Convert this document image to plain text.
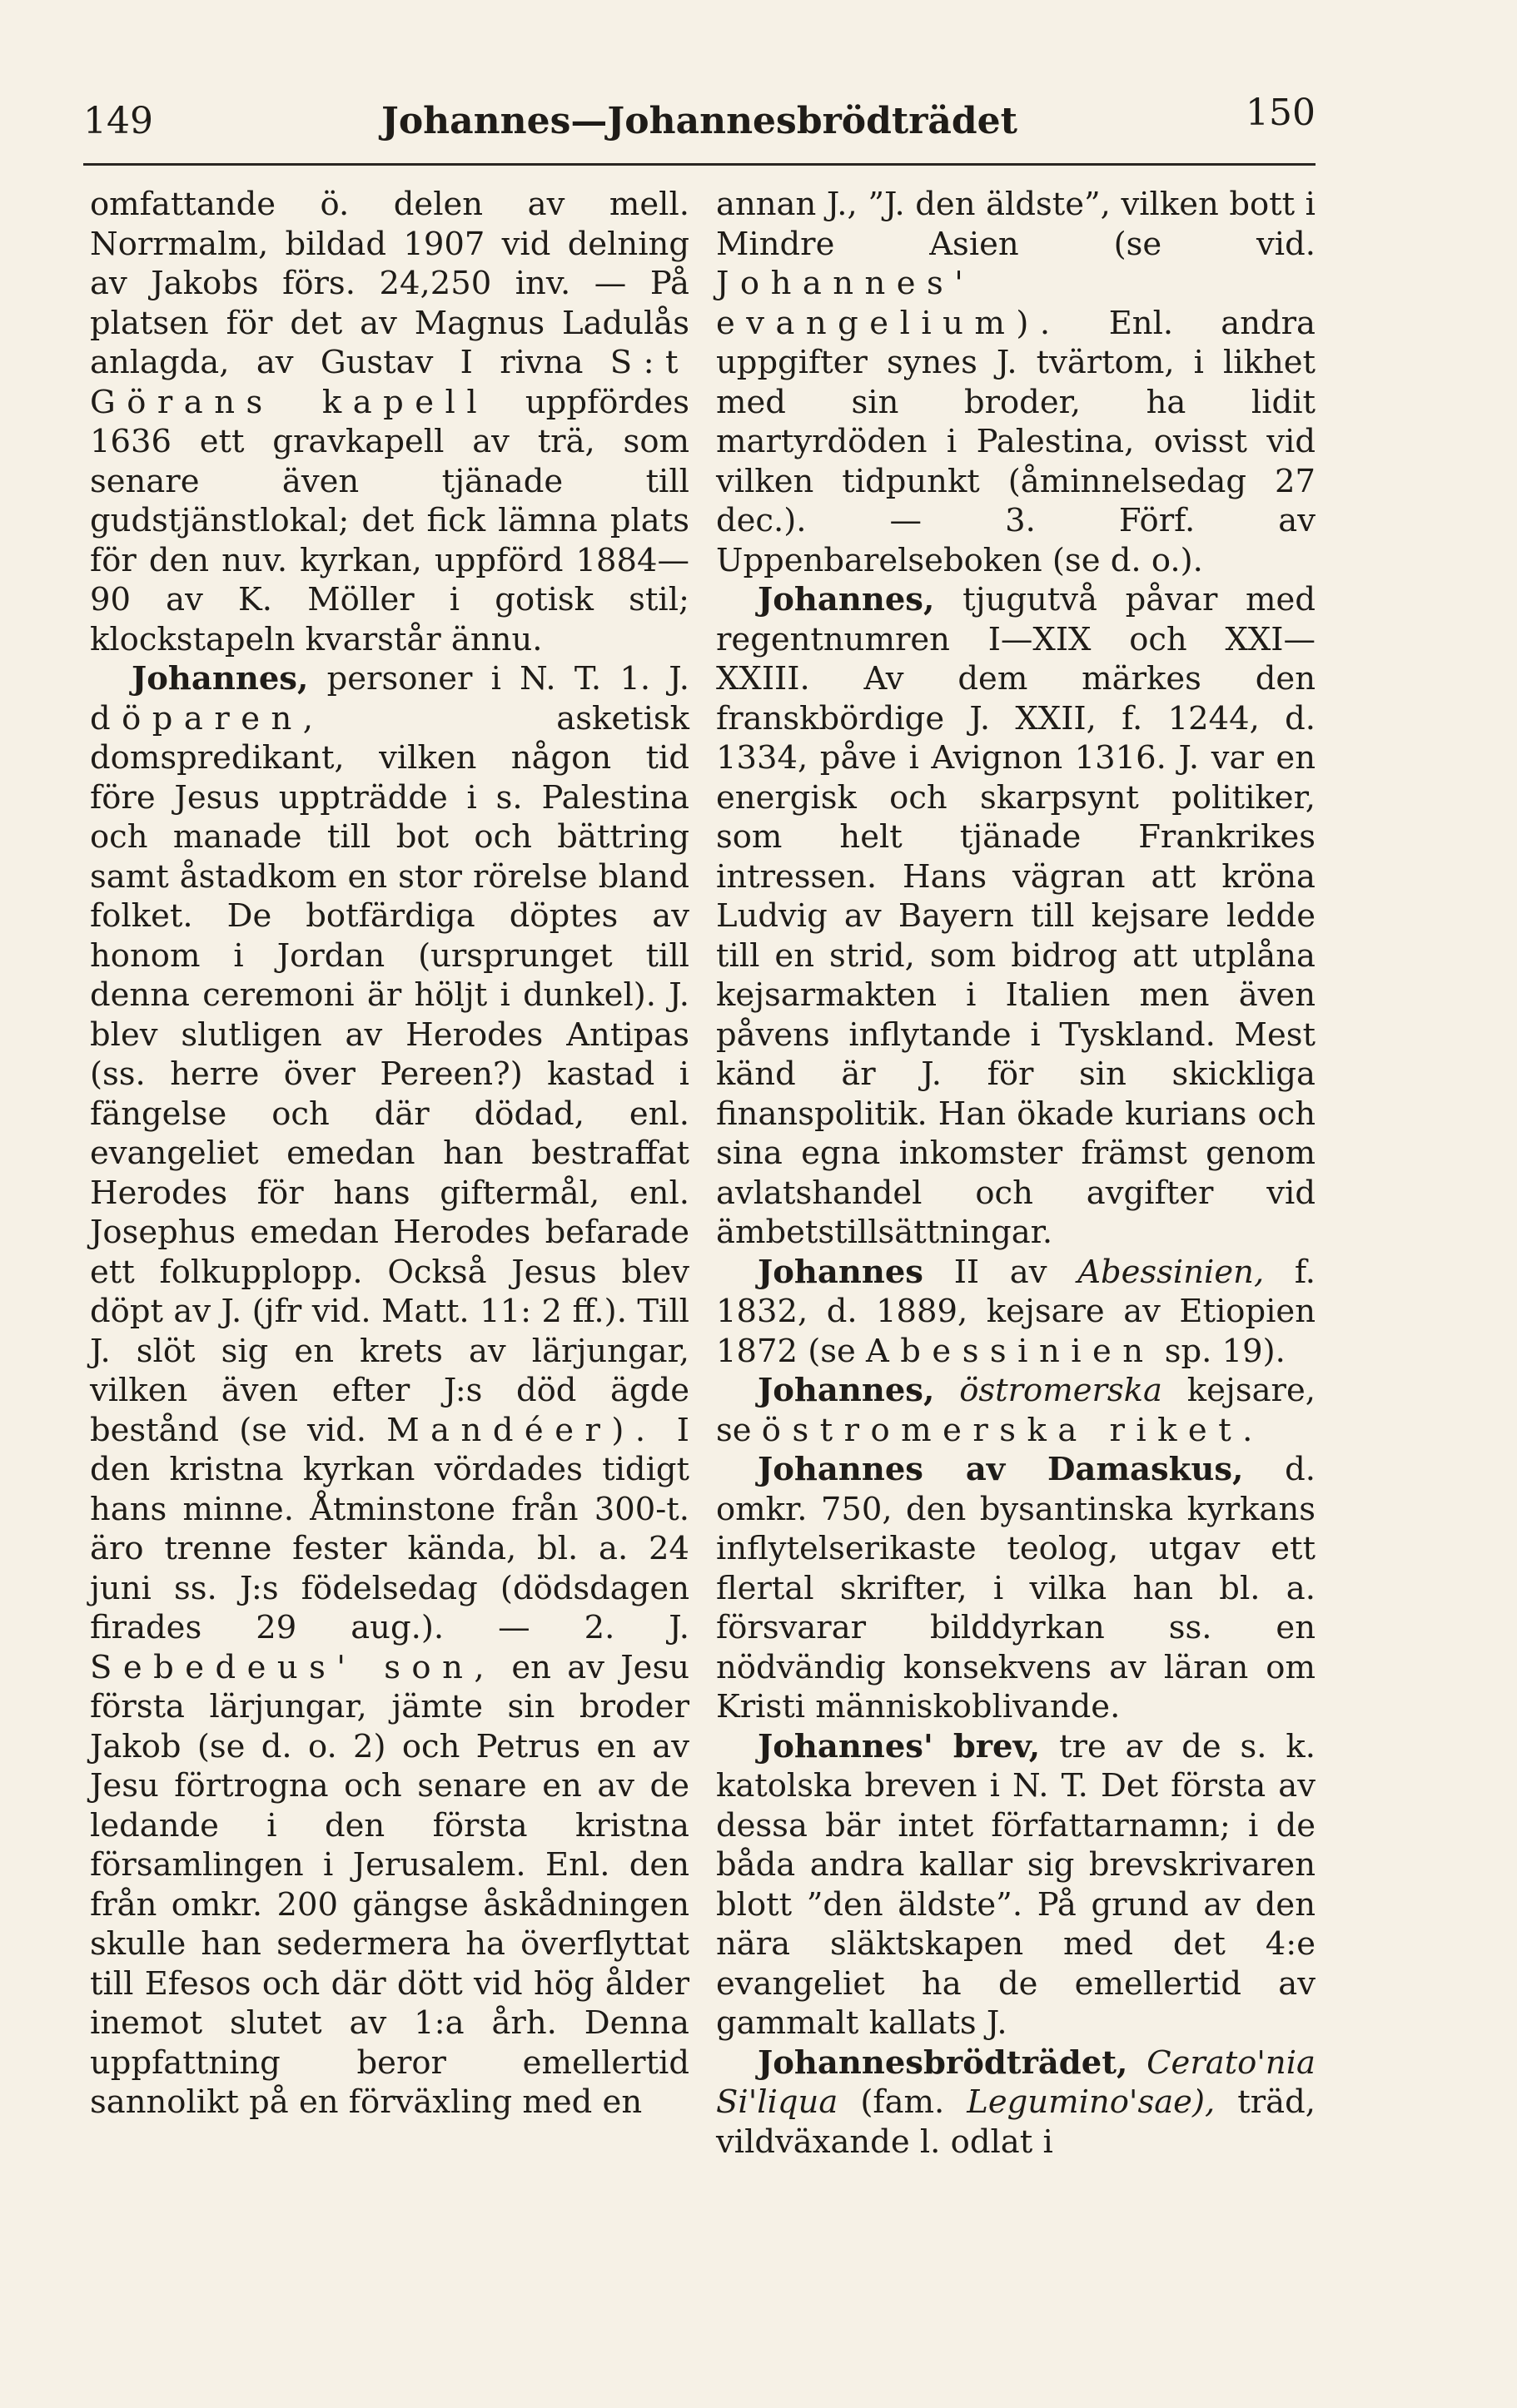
149	Johannes—Johannesbrödträdet	150

omfattande ö. delen av mell. Norrmalm, bildad 1907 vid delning av Jakobs förs. 24,250 inv. — På platsen för det av Magnus Ladulås anlagda, av Gustav I rivna S:t Görans kapell uppfördes 1636 ett gravkapell av trä, som senare även tjänade till gudstjänstlokal; det fick lämna plats för den nuv. kyrkan, uppförd 1884—90 av K. Möller i gotisk stil; klockstapeln kvarstår ännu.

Johannes, personer i N. T. 1. J. döparen,	asketisk domspredikant, vilken någon tid före Jesus uppträdde i s. Palestina och manade till bot och bättring samt åstadkom en stor rörelse bland folket. De botfärdiga döptes av honom i Jordan (ursprunget till denna ceremoni är höljt i dunkel). J. blev slutligen av Herodes Antipas (ss. herre över Pereen?) kastad i fängelse och där dödad, enl. evangeliet emedan han bestraffat Herodes för hans giftermål, enl. Josephus emedan Herodes befarade ett folkupplopp. Också Jesus blev döpt av J. (jfr vid. Matt. 11: 2 ff.). Till J. slöt sig en krets av lärjungar, vilken även efter J:s död ägde bestånd (se vid. Mandéer). I den kristna kyrkan vördades tidigt hans minne. Åtminstone från 300-t. äro trenne fester kända, bl. a. 24 juni ss. J:s födelsedag (dödsdagen firades 29 aug.). — 2. J. Sebedeus' son, en av Jesu första lärjungar, jämte sin broder Jakob (se d. o. 2) och Petrus en av Jesu förtrogna och senare en av de ledande i den första kristna församlingen i Jerusalem. Enl. den från omkr. 200 gängse åskådningen skulle han sedermera ha överflyttat till Efesos och där dött vid hög ålder inemot slutet av 1:a årh. Denna uppfattning beror emellertid sannolikt på en förväxling med en

annan J., ”J. den äldste”, vilken bott i Mindre Asien (se vid. Johannes' evangelium). Enl. andra uppgifter synes J. tvärtom, i likhet med sin broder, ha lidit martyrdöden i Palestina, ovisst vid vilken tidpunkt (åminnelsedag 27 dec.). — 3. Förf. av Uppenbarelseboken (se d. o.).

Johannes, tjugutvå påvar med regentnumren I—XIX och XXI—XXIII. Av dem märkes den franskbördige J. XXII, f. 1244, d. 1334, påve i Avignon 1316. J. var en energisk och skarpsynt politiker, som helt tjänade Frankrikes intressen. Hans vägran att kröna Ludvig av Bayern till kejsare ledde till en strid, som bidrog att utplåna kejsarmakten i Italien men även påvens inflytande i Tyskland. Mest känd är J. för sin skickliga finanspolitik. Han ökade kurians och sina egna inkomster främst genom avlatshandel och avgifter vid ämbetstillsättningar.

Johannes II av Abessinien, f. 1832, d. 1889, kejsare av Etiopien 1872 (se Abessinien sp. 19).

Johannes, östromerska kejsare, se östromerska riket.

Johannes av Damaskus, d. omkr. 750, den bysantinska kyrkans inflytelserikaste teolog, utgav ett flertal skrifter, i vilka han bl. a. försvarar bilddyrkan ss. en nödvändig konsekvens av läran om Kristi människoblivande.

Johannes' brev, tre av de s. k. katolska breven i N. T. Det första av dessa bär intet författarnamn; i de båda andra kallar sig brevskrivaren blott ”den äldste”. På grund av den nära släktskapen med det 4:e evangeliet ha de emellertid av gammalt kallats J.

Johannesbrödträdet, Cerato'nia Si'liqua (fam. Legumino'sae), träd, vildväxande l. odlat i
